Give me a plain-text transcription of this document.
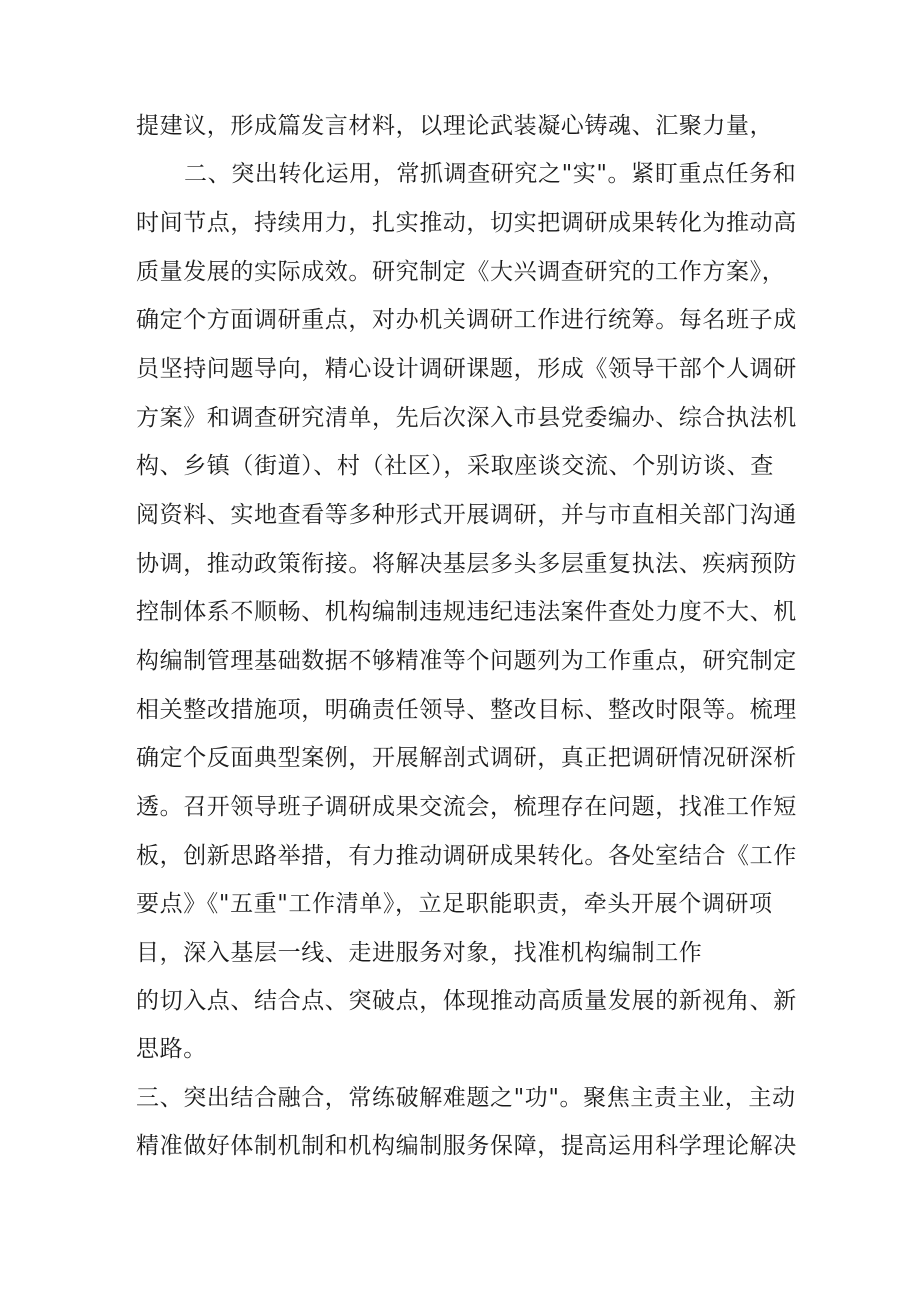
提建议，形成篇发言材料，以理论武装凝心铸魂、汇聚力量，
二、突出转化运用，常抓调查研究之"实"。紧盯重点任务和
时间节点，持续用力，扎实推动，切实把调研成果转化为推动高
质量发展的实际成效。研究制定《大兴调查研究的工作方案》，
确定个方面调研重点，对办机关调研工作进行统筹。每名班子成
员坚持问题导向，精心设计调研课题，形成《领导干部个人调研
方案》和调查研究清单，先后次深入市县党委编办、综合执法机
构、乡镇（街道）、村（社区），采取座谈交流、个别访谈、查
阅资料、实地查看等多种形式开展调研，并与市直相关部门沟通
协调，推动政策衔接。将解决基层多头多层重复执法、疾病预防
控制体系不顺畅、机构编制违规违纪违法案件查处力度不大、机
构编制管理基础数据不够精准等个问题列为工作重点，研究制定
相关整改措施项，明确责任领导、整改目标、整改时限等。梳理
确定个反面典型案例，开展解剖式调研，真正把调研情况研深析
透。召开领导班子调研成果交流会，梳理存在问题，找准工作短
板，创新思路举措，有力推动调研成果转化。各处室结合《工作
要点》《"五重"工作清单》，立足职能职责，牵头开展个调研项
目，深入基层一线、走进服务对象，找准机构编制工作
的切入点、结合点、突破点，体现推动高质量发展的新视角、新
思路。
三、突出结合融合，常练破解难题之"功"。聚焦主责主业，主动
精准做好体制机制和机构编制服务保障，提高运用科学理论解决
